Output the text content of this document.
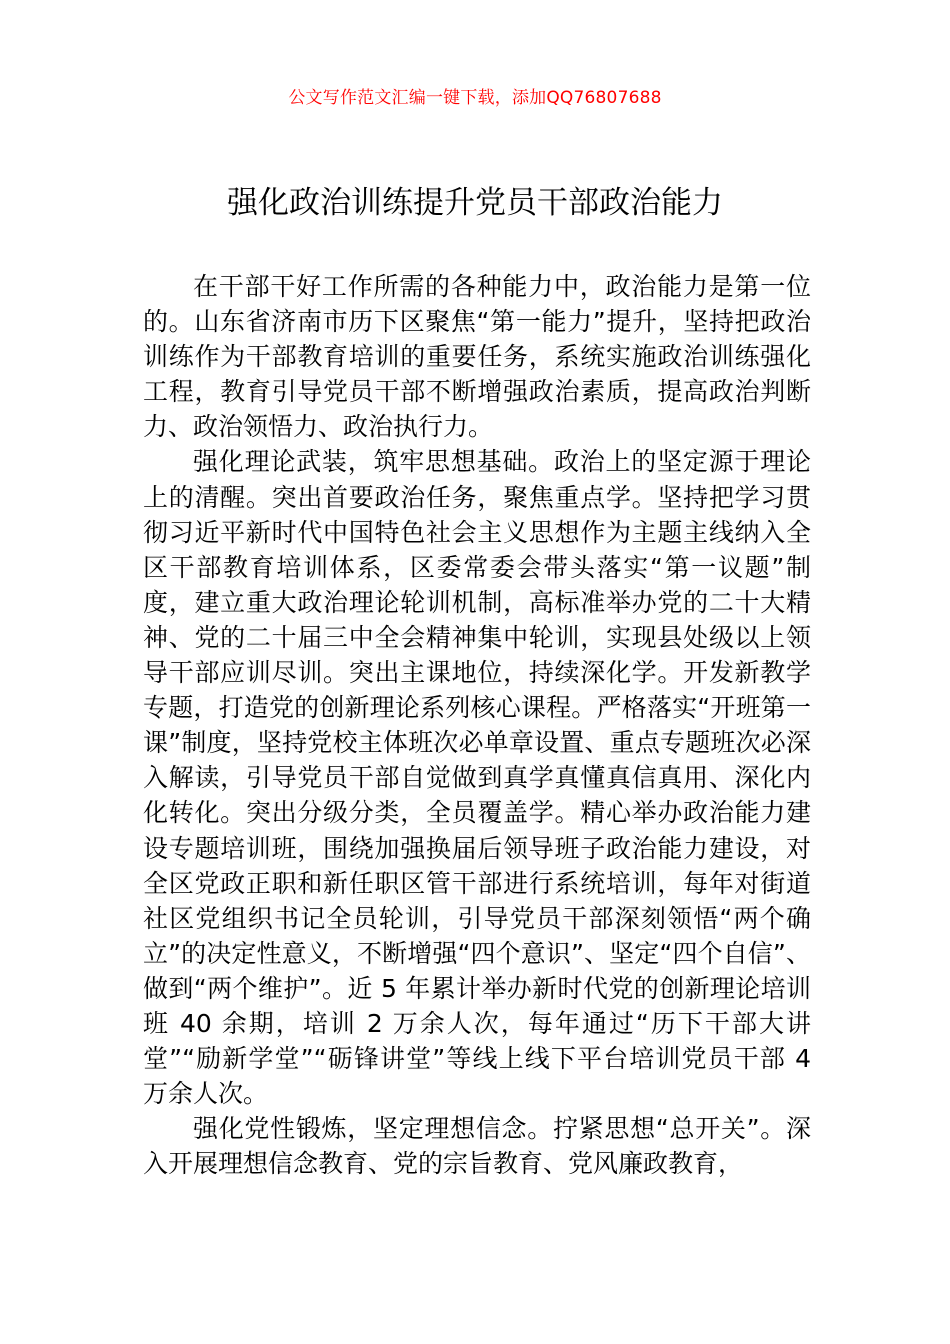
公文写作范文汇编一键下载，添加QQ76807688
强化政治训练提升党员干部政治能力

在干部干好工作所需的各种能力中，政治能力是第一位的。山东省济南市历下区聚焦“第一能力”提升，坚持把政治训练作为干部教育培训的重要任务，系统实施政治训练强化工程，教育引导党员干部不断增强政治素质，提高政治判断力、政治领悟力、政治执行力。

强化理论武装，筑牢思想基础。政治上的坚定源于理论上的清醒。突出首要政治任务，聚焦重点学。坚持把学习贯彻习近平新时代中国特色社会主义思想作为主题主线纳入全区干部教育培训体系，区委常委会带头落实“第一议题”制度，建立重大政治理论轮训机制，高标准举办党的二十大精神、党的二十届三中全会精神集中轮训，实现县处级以上领导干部应训尽训。突出主课地位，持续深化学。开发新教学专题，打造党的创新理论系列核心课程。严格落实“开班第一课”制度，坚持党校主体班次必单章设置、重点专题班次必深入解读，引导党员干部自觉做到真学真懂真信真用、深化内化转化。突出分级分类，全员覆盖学。精心举办政治能力建设专题培训班，围绕加强换届后领导班子政治能力建设，对全区党政正职和新任职区管干部进行系统培训，每年对街道社区党组织书记全员轮训，引导党员干部深刻领悟“两个确立”的决定性意义，不断增强“四个意识”、坚定“四个自信”、做到“两个维护”。近 5 年累计举办新时代党的创新理论培训班 40 余期，培训 2 万余人次，每年通过“历下干部大讲堂”“励新学堂”“砺锋讲堂”等线上线下平台培训党员干部 4 万余人次。

强化党性锻炼，坚定理想信念。拧紧思想“总开关”。深入开展理想信念教育、党的宗旨教育、党风廉政教育，
